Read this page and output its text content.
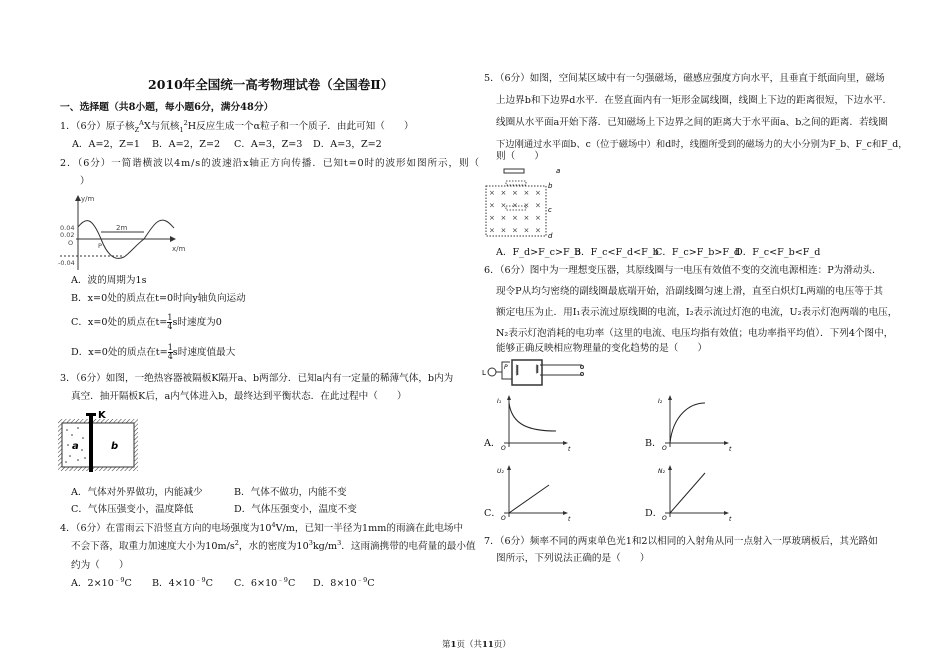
2010年全国统一高考物理试卷（全国卷Ⅱ）
一、选择题（共8小题，每小题6分，满分48分）
1．（6分）原子核$_Z^A$X与氘核$_1^2$H反应生成一个α粒子和一个质子．由此可知（　　）
A．A=2，Z=1 B．A=2，Z=2 C．A=3，Z=3 D．A=3，Z=2
2．（6分）一简谐横波以4m/s的波速沿x轴正方向传播．已知t=0时的波形如图所示，则（
）
y/m
x/m
0.04
0.02
O
-0.04
2m
P
A．波的周期为1s
B．x=0处的质点在t=0时向y轴负向运动
C．x=0处的质点在$t= \frac{1}{4}$ s时速度为0
D．x=0处的质点在$t= \frac{1}{4}$ s时速度值最大
3．（6分）如图，一绝热容器被隔板K隔开a、b两部分．已知a内有一定量的稀薄气体，b内为
真空．抽开隔板K后，a内气体进入b，最终达到平衡状态．在此过程中（　　）
K
a	b
A．气体对外界做功，内能减少	B．气体不做功，内能不变
C．气体压强变小，温度降低	D．气体压强变小，温度不变
4．（6分）在雷雨云下沿竖直方向的电场强度为$10^4V/m$，已知一半径为1mm的雨滴在此电场中
不会下落，取重力加速度大小为$10m/s^2$，水的密度为$10^3kg/m^3$．这雨滴携带的电荷量的最小值
约为（　　）
A．$2\times 10^{﹣9}C$ B．$4\times 10^{﹣9}C$ C．$6\times 10^{﹣9}C$ D．$8\times 10^{﹣9}C$
5．（6分）如图，空间某区域中有一匀强磁场，磁感应强度方向水平，且垂直于纸面向里，磁场
上边界b和下边界d水平．在竖直面内有一矩形金属线圈，线圈上下边的距离很短，下边水平．
线圈从水平面a开始下落．已知磁场上下边界之间的距离大于水平面a、b之间的距离．若线圈
下边刚通过水平面b、c（位于磁场中）和d时，线圈所受到的磁场力的大小分别为F_b、F_c和F_d，
则（　　）
× × × × ×
× × × × ×
× × × × ×
× × × × ×
a
b
c
d
A．F_d>F_c>F_b
B．F_c<F_d<F_b
C．F_c>F_b>F_d
D．F_c<F_b<F_d
6．（6分）图中为一理想变压器，其原线圈与一电压有效值不变的交流电源相连：P为滑动头．
现令P从均匀密绕的副线圈最底端开始，沿副线圈匀速上滑，直至白炽灯L两端的电压等于其
额定电压为止．用I₁表示流过原线圈的电流，I₂表示流过灯泡的电流，U₂表示灯泡两端的电压，
N₂表示灯泡消耗的电功率（这里的电流、电压均指有效值；电功率指平均值）．下列4个图中，
能够正确反映相应物理量的变化趋势的是（　　）
L
P
A．
I₁
t
O	B．
I₂
t
O
C．
U₂
t
O	D．
N₂
t
O
7．（6分）频率不同的两束单色光1和2以相同的入射角从同一点射入一厚玻璃板后，其光路如
图所示，下列说法正确的是（　　）
第1页（共11页）
